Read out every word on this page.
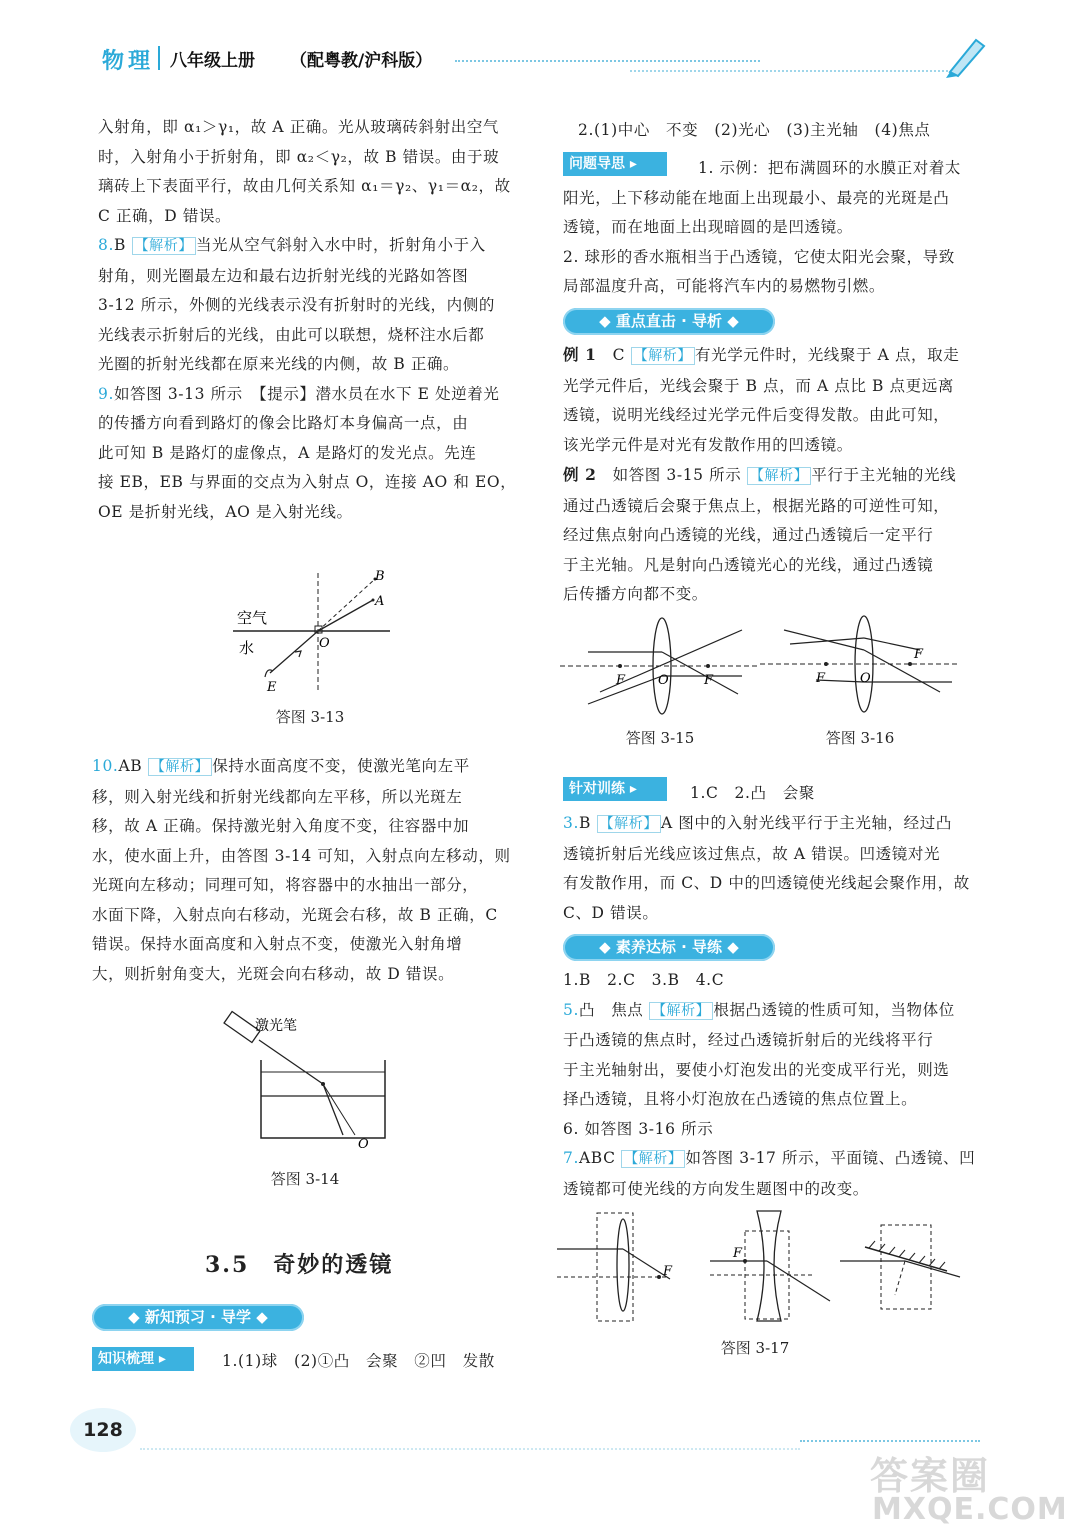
物理 八年级上册 （配粤教/沪科版）

入射角，即 α₁＞γ₁，故 A 正确。光从玻璃砖斜射出空气

时，入射角小于折射角，即 α₂＜γ₂，故 B 错误。由于玻

璃砖上下表面平行，故由几何关系知 α₁＝γ₂、γ₁＝α₂，故

C 正确，D 错误。

8.B 【解析】 当光从空气斜射入水中时，折射角小于入

射角，则光圈最左边和最右边折射光线的光路如答图

3-12 所示，外侧的光线表示没有折射时的光线，内侧的

光线表示折射后的光线，由此可以联想，烧杯注水后都

光圈的折射光线都在原来光线的内侧，故 B 正确。

9.如答图 3-13 所示　【提示】潜水员在水下 E 处逆着光

的传播方向看到路灯的像会比路灯本身偏高一点，由

此可知 B 是路灯的虚像点，A 是路灯的发光点。先连

接 EB，EB 与界面的交点为入射点 O，连接 AO 和 EO，

OE 是折射光线，AO 是入射光线。

空气
水
B
A
O
E
答图 3-13

10.AB 【解析】 保持水面高度不变，使激光笔向左平

移，则入射光线和折射光线都向左平移，所以光斑左

移，故 A 正确。保持激光射入角度不变，往容器中加

水，使水面上升，由答图 3-14 可知，入射点向左移动，则

光斑向左移动；同理可知，将容器中的水抽出一部分，

水面下降，入射点向右移动，光斑会右移，故 B 正确，C

错误。保持水面高度和入射点不变，使激光入射角增

大，则折射角变大，光斑会向右移动，故 D 错误。

激光笔
O
答图 3-14
3.5　奇妙的透镜
◆ 新知预习 · 导学 ◆
知识梳理 ▸	1.(1)球　(2)①凸　会聚　②凹　发散
2.(1)中心　不变　(2)光心　(3)主光轴　(4)焦点
问题导思 ▸	1. 示例：把布满圆环的水膜正对着太

阳光，上下移动能在地面上出现最小、最亮的光斑是凸

透镜，而在地面上出现暗圆的是凹透镜。

2. 球形的香水瓶相当于凸透镜，它使太阳光会聚，导致

局部温度升高，可能将汽车内的易燃物引燃。

◆ 重点直击 · 导析 ◆

例 1　 C 【解析】 有光学元件时，光线聚于 A 点，取走

光学元件后，光线会聚于 B 点，而 A 点比 B 点更远离

透镜，说明光线经过光学元件后变得发散。由此可知，

该光学元件是对光有发散作用的凹透镜。

例 2　 如答图 3-15 所示 【解析】 平行于主光轴的光线

通过凸透镜后会聚于焦点上，根据光路的可逆性可知，

经过焦点射向凸透镜的光线，通过凸透镜后一定平行

于主光轴。凡是射向凸透镜光心的光线，通过凸透镜

后传播方向都不变。

F	O	F
答图 3-15
F	O
F
答图 3-16
针对训练 ▸	1.C　2.凸　会聚

3.B 【解析】 A 图中的入射光线平行于主光轴，经过凸

透镜折射后光线应该过焦点，故 A 错误。凹透镜对光

有发散作用，而 C、D 中的凹透镜使光线起会聚作用，故

C、D 错误。

◆ 素养达标 · 导练 ◆

1.B　2.C　3.B　4.C

5.凸　焦点 【解析】 根据凸透镜的性质可知，当物体位

于凸透镜的焦点时，经过凸透镜折射后的光线将平行

于主光轴射出，要使小灯泡发出的光变成平行光，则选

择凸透镜，且将小灯泡放在凸透镜的焦点位置上。

6. 如答图 3-16 所示

7.ABC 【解析】 如答图 3-17 所示，平面镜、凸透镜、凹

透镜都可使光线的方向发生题图中的改变。

F
F
答图 3-17
128
答案圈
MXQE.COM
